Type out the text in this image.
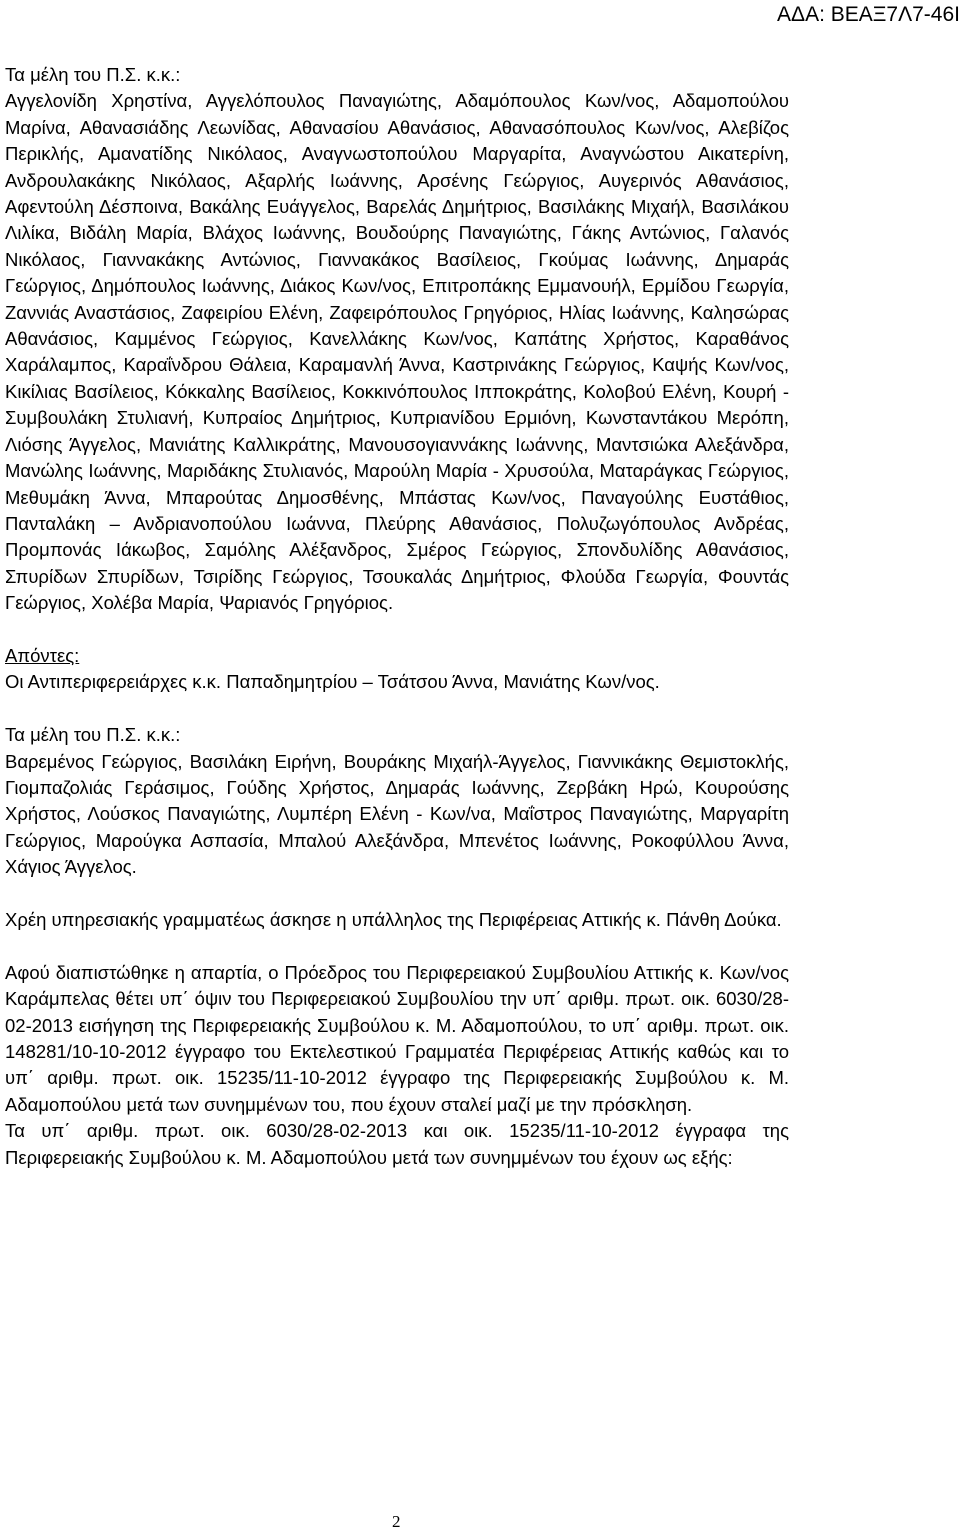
ΑΔΑ: ΒΕΑΞ7Λ7-46Ι

Τα μέλη του Π.Σ. κ.κ.:

Αγγελονίδη Χρηστίνα, Αγγελόπουλος Παναγιώτης, Αδαμόπουλος Κων/νος, Αδαμοπούλου Μαρίνα, Αθανασιάδης Λεωνίδας, Αθανασίου Αθανάσιος, Αθανασόπουλος Κων/νος, Αλεβίζος Περικλής, Αμανατίδης Νικόλαος, Αναγνωστοπούλου Μαργαρίτα, Αναγνώστου Αικατερίνη, Ανδρουλακάκης Νικόλαος, Αξαρλής Ιωάννης, Αρσένης Γεώργιος, Αυγερινός Αθανάσιος, Αφεντούλη Δέσποινα, Βακάλης Ευάγγελος, Βαρελάς Δημήτριος, Βασιλάκης Μιχαήλ, Βασιλάκου Λιλίκα, Βιδάλη Μαρία, Βλάχος Ιωάννης, Βουδούρης Παναγιώτης, Γάκης Αντώνιος, Γαλανός Νικόλαος, Γιαννακάκης Αντώνιος, Γιαννακάκος Βασίλειος, Γκούμας Ιωάννης, Δημαράς Γεώργιος, Δημόπουλος Ιωάννης, Διάκος Κων/νος, Επιτροπάκης Εμμανουήλ, Ερμίδου Γεωργία, Ζαννιάς Αναστάσιος, Ζαφειρίου Ελένη, Ζαφειρόπουλος Γρηγόριος, Ηλίας Ιωάννης, Καλησώρας Αθανάσιος, Καμμένος Γεώργιος, Κανελλάκης Κων/νος, Καπάτης Χρήστος, Καραθάνος Χαράλαμπος, Καραΐνδρου Θάλεια, Καραμανλή Άννα, Καστρινάκης Γεώργιος, Καψής Κων/νος, Κικίλιας Βασίλειος, Κόκκαλης Βασίλειος, Κοκκινόπουλος Ιπποκράτης, Κολοβού Ελένη, Κουρή - Συμβουλάκη Στυλιανή, Κυπραίος Δημήτριος, Κυπριανίδου Ερμιόνη, Κωνσταντάκου Μερόπη, Λιόσης Άγγελος, Μανιάτης Καλλικράτης, Μανουσογιαννάκης Ιωάννης, Μαντσιώκα Αλεξάνδρα, Μανώλης Ιωάννης, Μαριδάκης Στυλιανός, Μαρούλη Μαρία - Χρυσούλα, Ματαράγκας Γεώργιος, Μεθυμάκη Άννα, Μπαρούτας Δημοσθένης, Μπάστας Κων/νος, Παναγούλης Ευστάθιος, Πανταλάκη – Ανδριανοπούλου Ιωάννα, Πλεύρης Αθανάσιος, Πολυζωγόπουλος Ανδρέας, Προμπονάς Ιάκωβος, Σαμόλης Αλέξανδρος, Σμέρος Γεώργιος, Σπονδυλίδης Αθανάσιος, Σπυρίδων Σπυρίδων, Τσιρίδης Γεώργιος, Τσουκαλάς Δημήτριος, Φλούδα Γεωργία, Φουντάς Γεώργιος, Χολέβα Μαρία, Ψαριανός Γρηγόριος.

Απόντες:

Οι Αντιπεριφερειάρχες κ.κ. Παπαδημητρίου – Τσάτσου Άννα, Μανιάτης Κων/νος.

Τα μέλη του Π.Σ. κ.κ.:

Βαρεμένος Γεώργιος, Βασιλάκη Ειρήνη, Βουράκης Μιχαήλ-Άγγελος, Γιαννικάκης Θεμιστοκλής, Γιομπαζολιάς Γεράσιμος, Γούδης Χρήστος, Δημαράς Ιωάννης, Ζερβάκη Ηρώ, Κουρούσης Χρήστος, Λούσκος Παναγιώτης, Λυμπέρη Ελένη - Κων/να, Μαΐστρος Παναγιώτης, Μαργαρίτη Γεώργιος, Μαρούγκα Ασπασία, Μπαλού Αλεξάνδρα, Μπενέτος Ιωάννης, Ροκοφύλλου Άννα, Χάγιος Άγγελος.

Χρέη υπηρεσιακής γραμματέως άσκησε η υπάλληλος της Περιφέρειας Αττικής κ. Πάνθη Δούκα.

Αφού διαπιστώθηκε η απαρτία, ο Πρόεδρος του Περιφερειακού Συμβουλίου Αττικής κ. Κων/νος Καράμπελας θέτει υπ΄ όψιν του Περιφερειακού Συμβουλίου την υπ΄ αριθμ. πρωτ. οικ. 6030/28-02-2013 εισήγηση της Περιφερειακής Συμβούλου κ. Μ. Αδαμοπούλου, το υπ΄ αριθμ. πρωτ. οικ. 148281/10-10-2012 έγγραφο του Εκτελεστικού Γραμματέα Περιφέρειας Αττικής καθώς και το υπ΄ αριθμ. πρωτ. οικ. 15235/11-10-2012 έγγραφο της Περιφερειακής Συμβούλου κ. Μ. Αδαμοπούλου μετά των συνημμένων του, που έχουν σταλεί μαζί με την πρόσκληση.

Τα υπ΄ αριθμ. πρωτ. οικ. 6030/28-02-2013 και οικ. 15235/11-10-2012 έγγραφα της Περιφερειακής Συμβούλου κ. Μ. Αδαμοπούλου μετά των συνημμένων του έχουν ως εξής:

2
